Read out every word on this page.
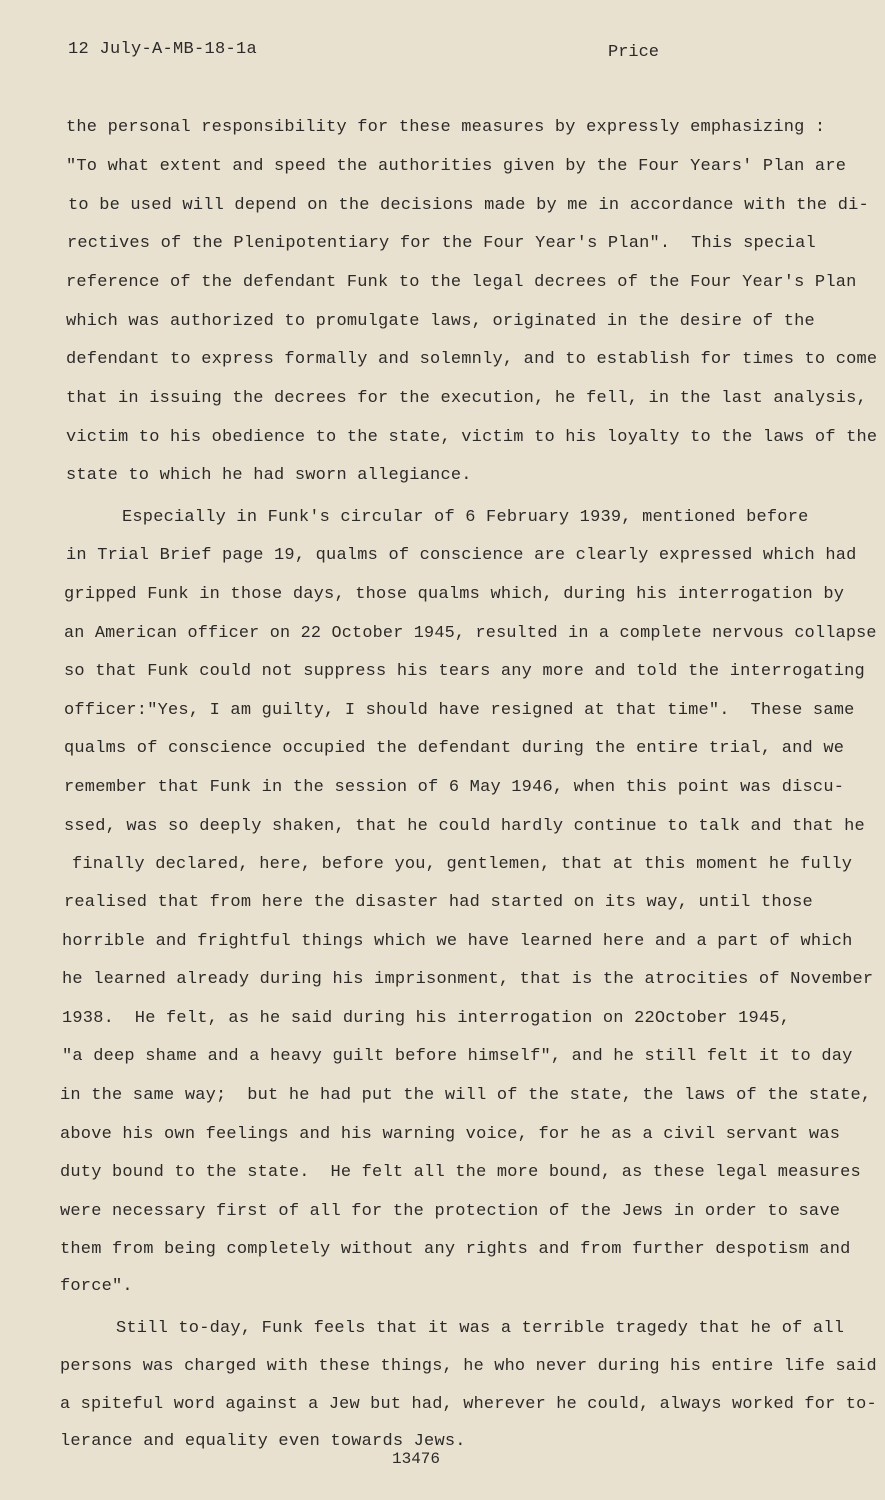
12 July-A-MB-18-1a	Price
the personal responsibility for these measures by expressly emphasizing :
"To what extent and speed the authorities given by the Four Years' Plan are
to be used will depend on the decisions made by me in accordance with the di-
rectives of the Plenipotentiary for the Four Year's Plan".  This special
reference of the defendant Funk to the legal decrees of the Four Year's Plan
which was authorized to promulgate laws, originated in the desire of the
defendant to express formally and solemnly, and to establish for times to come
that in issuing the decrees for the execution, he fell, in the last analysis,
victim to his obedience to the state, victim to his loyalty to the laws of the
state to which he had sworn allegiance.
Especially in Funk's circular of 6 February 1939, mentioned before
in Trial Brief page 19, qualms of conscience are clearly expressed which had
gripped Funk in those days, those qualms which, during his interrogation by
an American officer on 22 October 1945, resulted in a complete nervous collapse
so that Funk could not suppress his tears any more and told the interrogating
officer:"Yes, I am guilty, I should have resigned at that time".  These same
qualms of conscience occupied the defendant during the entire trial, and we
remember that Funk in the session of 6 May 1946, when this point was discu-
ssed, was so deeply shaken, that he could hardly continue to talk and that he
finally declared, here, before you, gentlemen, that at this moment he fully
realised that from here the disaster had started on its way, until those
horrible and frightful things which we have learned here and a part of which
he learned already during his imprisonment, that is the atrocities of November
1938.  He felt, as he said during his interrogation on 22October 1945,
"a deep shame and a heavy guilt before himself", and he still felt it to day
in the same way;  but he had put the will of the state, the laws of the state,
above his own feelings and his warning voice, for he as a civil servant was
duty bound to the state.  He felt all the more bound, as these legal measures
were necessary first of all for the protection of the Jews in order to save
them from being completely without any rights and from further despotism and
force".
Still to-day, Funk feels that it was a terrible tragedy that he of all
persons was charged with these things, he who never during his entire life said
a spiteful word against a Jew but had, wherever he could, always worked for to-
lerance and equality even towards Jews.
13476
